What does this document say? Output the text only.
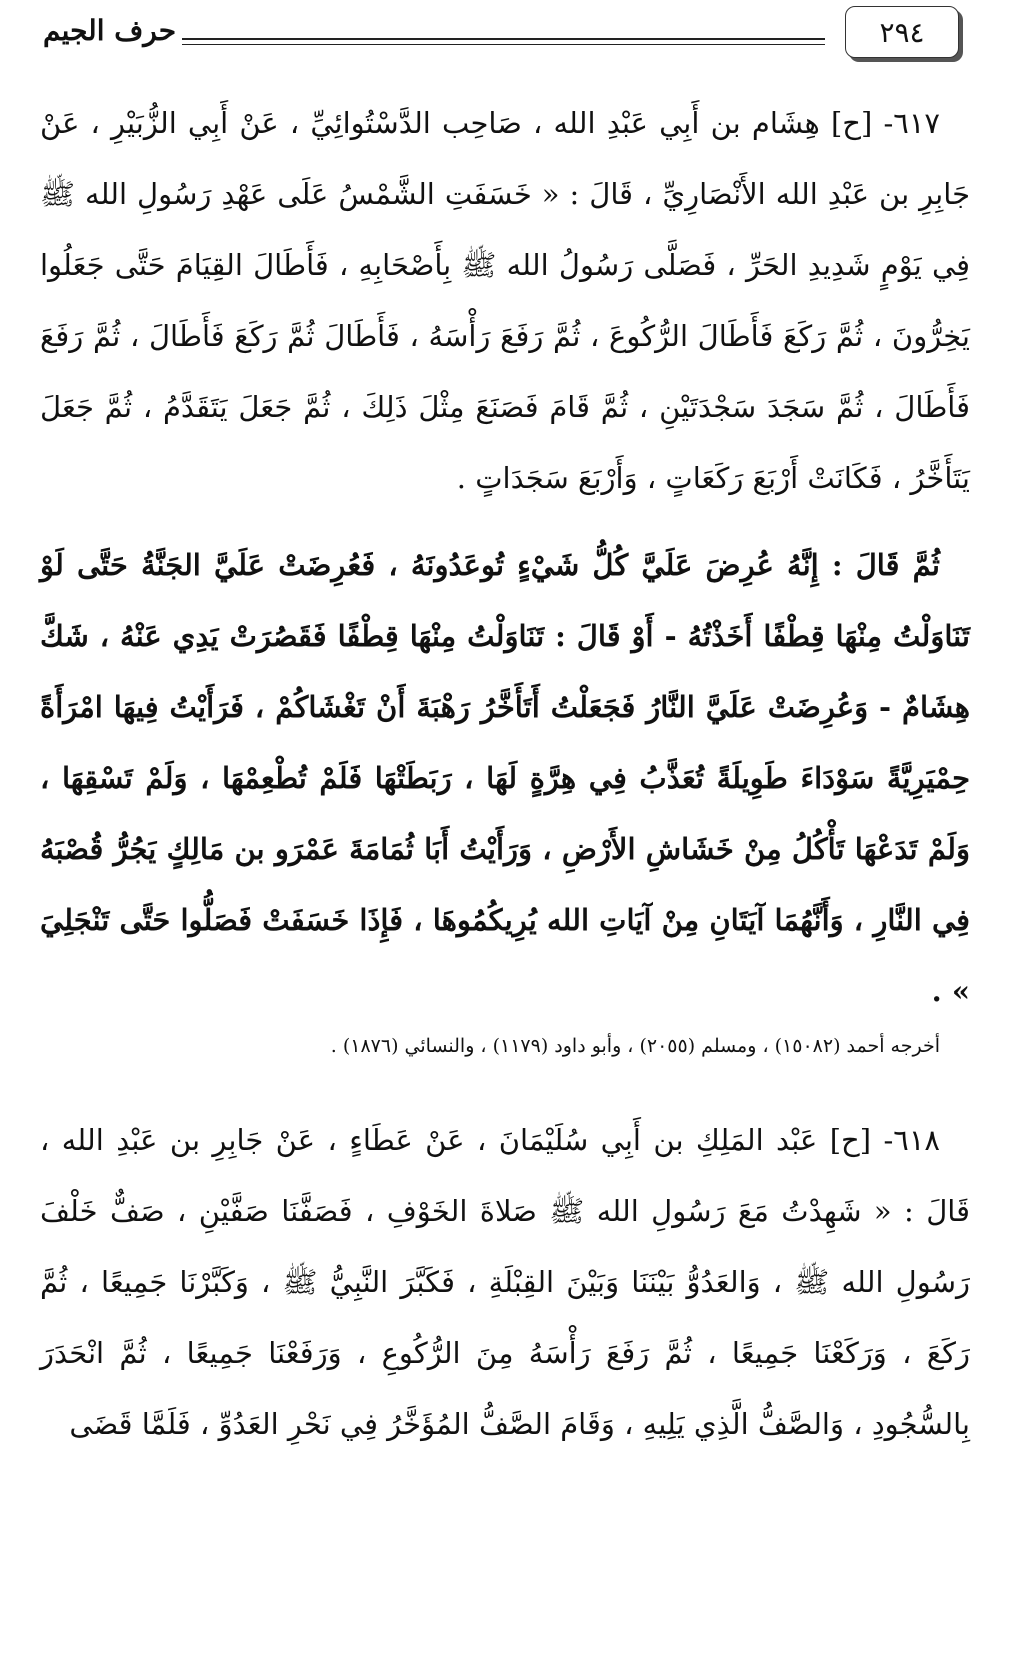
٢٩٤
حرف الجيم

٦١٧- [ح] هِشَام بن أَبِي عَبْدِ الله ، صَاحِب الدَّسْتُوائِيِّ ، عَنْ أَبِي الزُّبَيْرِ ، عَنْ جَابِرِ بن عَبْدِ الله الأَنْصَارِيِّ ، قَالَ : « خَسَفَتِ الشَّمْسُ عَلَى عَهْدِ رَسُولِ الله ﷺ فِي يَوْمٍ شَدِيدِ الحَرِّ ، فَصَلَّى رَسُولُ الله ﷺ بِأَصْحَابِهِ ، فَأَطَالَ القِيَامَ حَتَّى جَعَلُوا يَخِرُّونَ ، ثُمَّ رَكَعَ فَأَطَالَ الرُّكُوعَ ، ثُمَّ رَفَعَ رَأْسَهُ ، فَأَطَالَ ثُمَّ رَكَعَ فَأَطَالَ ، ثُمَّ رَفَعَ فَأَطَالَ ، ثُمَّ سَجَدَ سَجْدَتَيْنِ ، ثُمَّ قَامَ فَصَنَعَ مِثْلَ ذَلِكَ ، ثُمَّ جَعَلَ يَتَقَدَّمُ ، ثُمَّ جَعَلَ يَتَأَخَّرُ ، فَكَانَتْ أَرْبَعَ رَكَعَاتٍ ، وَأَرْبَعَ سَجَدَاتٍ .

ثُمَّ قَالَ : إِنَّهُ عُرِضَ عَلَيَّ كُلُّ شَيْءٍ تُوعَدُونَهُ ، فَعُرِضَتْ عَلَيَّ الجَنَّةُ حَتَّى لَوْ تَنَاوَلْتُ مِنْهَا قِطْفًا أَخَذْتُهُ - أَوْ قَالَ : تَنَاوَلْتُ مِنْهَا قِطْفًا فَقَصُرَتْ يَدِي عَنْهُ ، شَكَّ هِشَامٌ - وَعُرِضَتْ عَلَيَّ النَّارُ فَجَعَلْتُ أَتَأَخَّرُ رَهْبَةَ أَنْ تَغْشَاكُمْ ، فَرَأَيْتُ فِيهَا امْرَأَةً حِمْيَرِيَّةً سَوْدَاءَ طَوِيلَةً تُعَذَّبُ فِي هِرَّةٍ لَهَا ، رَبَطَتْهَا فَلَمْ تُطْعِمْهَا ، وَلَمْ تَسْقِهَا ، وَلَمْ تَدَعْهَا تَأْكُلُ مِنْ خَشَاشِ الأَرْضِ ، وَرَأَيْتُ أَبَا ثُمَامَةَ عَمْرَو بن مَالِكٍ يَجُرُّ قُصْبَهُ فِي النَّارِ ، وَأَنَّهُمَا آيَتَانِ مِنْ آيَاتِ الله يُرِيكُمُوهَا ، فَإِذَا خَسَفَتْ فَصَلُّوا حَتَّى تَنْجَلِيَ » .

أخرجه أحمد (١٥٠٨٢) ، ومسلم (٢٠٥٥) ، وأبو داود (١١٧٩) ، والنسائي (١٨٧٦) .

٦١٨- [ح] عَبْد المَلِكِ بن أَبِي سُلَيْمَانَ ، عَنْ عَطَاءٍ ، عَنْ جَابِرِ بن عَبْدِ الله ، قَالَ : « شَهِدْتُ مَعَ رَسُولِ الله ﷺ صَلاةَ الخَوْفِ ، فَصَفَّنَا صَفَّيْنِ ، صَفٌّ خَلْفَ رَسُولِ الله ﷺ ، وَالعَدُوُّ بَيْنَنَا وَبَيْنَ القِبْلَةِ ، فَكَبَّرَ النَّبِيُّ ﷺ ، وَكَبَّرْنَا جَمِيعًا ، ثُمَّ رَكَعَ ، وَرَكَعْنَا جَمِيعًا ، ثُمَّ رَفَعَ رَأْسَهُ مِنَ الرُّكُوعِ ، وَرَفَعْنَا جَمِيعًا ، ثُمَّ انْحَدَرَ بِالسُّجُودِ ، وَالصَّفُّ الَّذِي يَلِيهِ ، وَقَامَ الصَّفُّ المُؤَخَّرُ فِي نَحْرِ العَدُوِّ ، فَلَمَّا قَضَى
